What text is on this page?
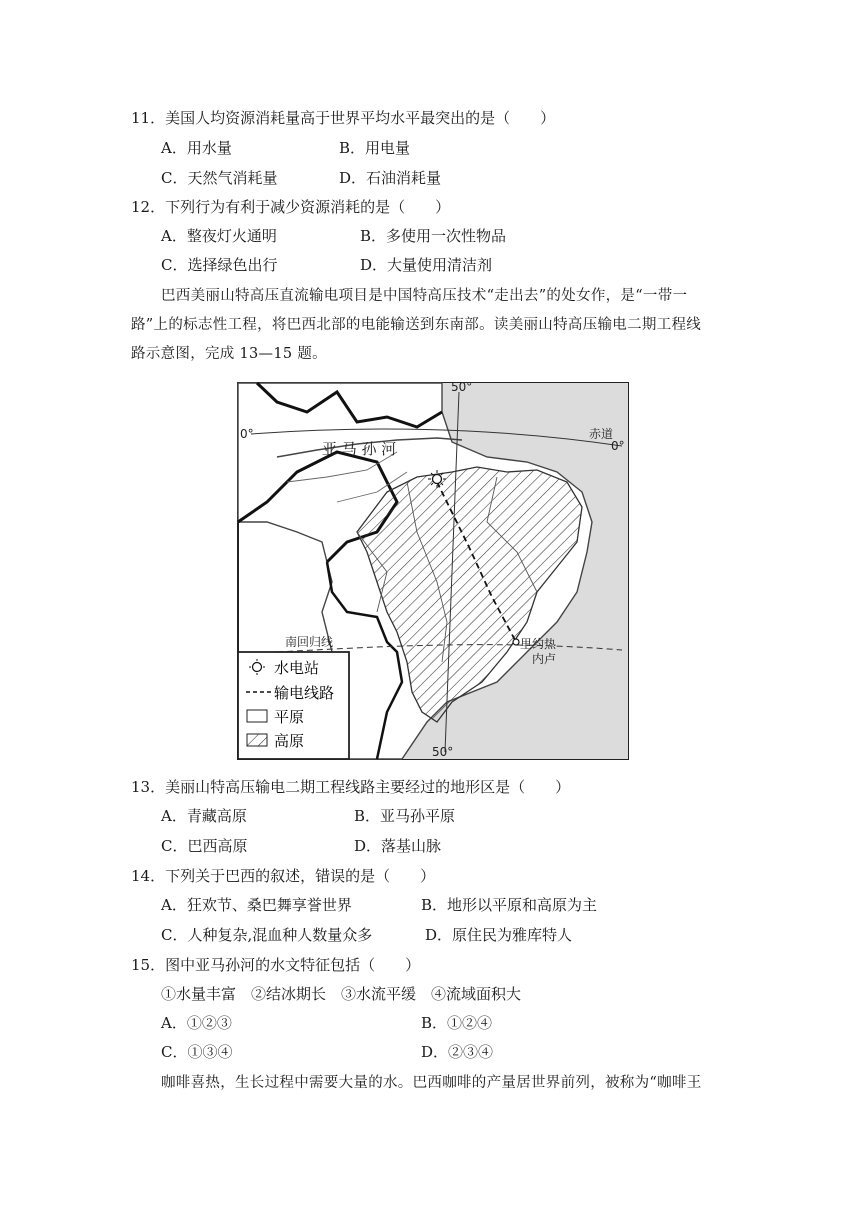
11．美国人均资源消耗量高于世界平均水平最突出的是（　　）
A．用水量	B．用电量
C．天然气消耗量	D．石油消耗量
12．下列行为有利于减少资源消耗的是（　　）
A．整夜灯火通明	B．多使用一次性物品
C．选择绿色出行	D．大量使用清洁剂
巴西美丽山特高压直流输电项目是中国特高压技术“走出去”的处女作，是“一带一
路”上的标志性工程，将巴西北部的电能输送到东南部。读美丽山特高压输电二期工程线
路示意图，完成 13—15 题。
50°
50°
0°
0°
赤道
亚 马 孙 河
南回归线	里约热
内卢
水电站
输电线路
平原
高原
13．美丽山特高压输电二期工程线路主要经过的地形区是（　　）
A．青藏高原	B．亚马孙平原
C．巴西高原	D．落基山脉
14．下列关于巴西的叙述，错误的是（　　）
A．狂欢节、桑巴舞享誉世界	B．地形以平原和高原为主
C．人种复杂,混血种人数量众多	D．原住民为雅库特人
15．图中亚马孙河的水文特征包括（　　）
①水量丰富　②结冰期长　③水流平缓　④流域面积大
A．①②③	B．①②④
C．①③④	D．②③④
咖啡喜热，生长过程中需要大量的水。巴西咖啡的产量居世界前列，被称为“咖啡王
